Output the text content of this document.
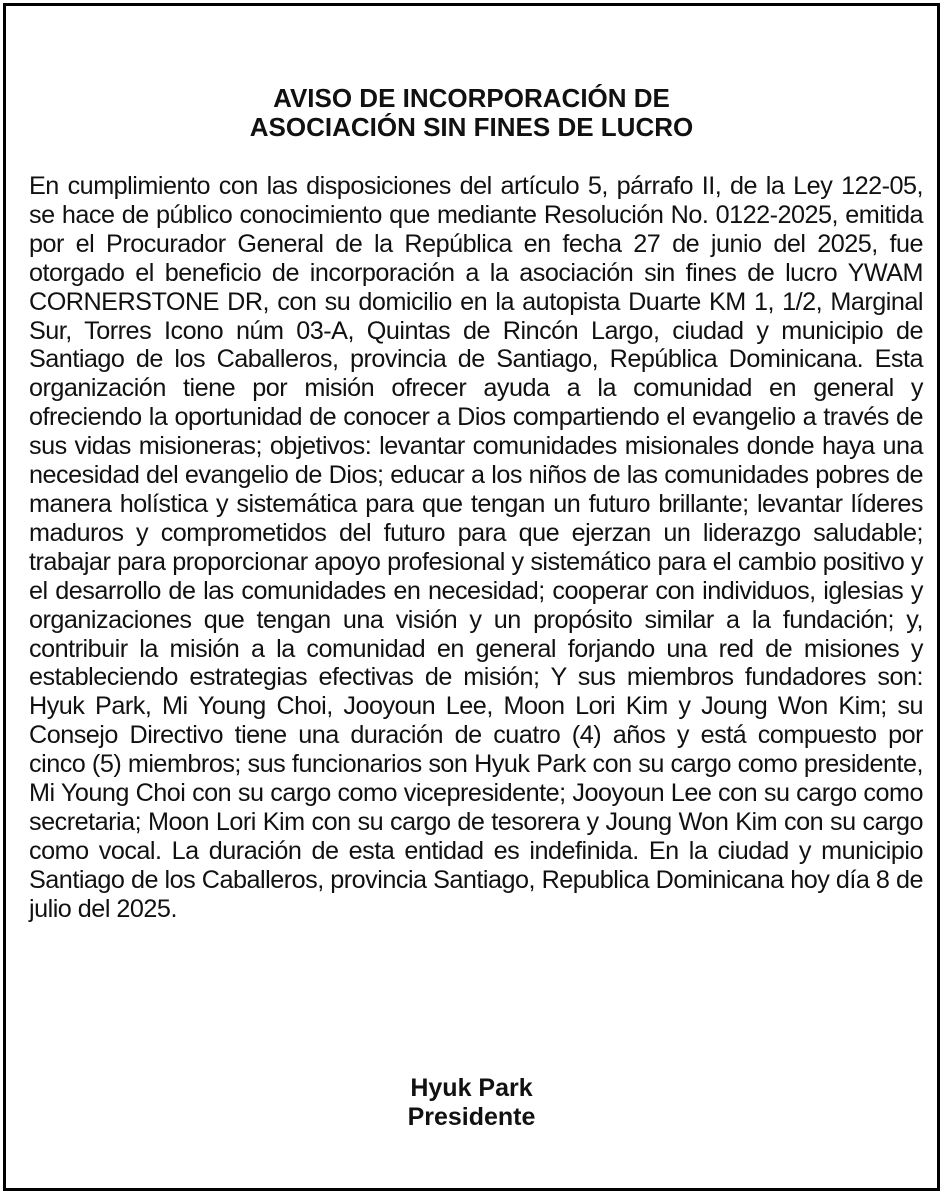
AVISO DE INCORPORACIÓN DE
ASOCIACIÓN SIN FINES DE LUCRO

En cumplimiento con las disposiciones del artículo 5, párrafo II, de la Ley 122-05, se hace de público conocimiento que mediante Resolución No. 0122-2025, emitida por el Procurador General de la República en fecha 27 de junio del 2025, fue otorgado el beneficio de incorporación a la asociación sin fines de lucro YWAM CORNERSTONE DR, con su domicilio en la autopista Duarte KM 1, 1/2, Marginal Sur, Torres Icono núm 03-A, Quintas de Rincón Largo, ciudad y municipio de Santiago de los Caballeros, provincia de Santiago, República Dominicana. Esta organización tiene por misión ofrecer ayuda a la comunidad en general y ofreciendo la oportunidad de conocer a Dios compartiendo el evangelio a través de sus vidas misioneras; objetivos: levantar comunidades misionales donde haya una necesidad del evangelio de Dios; educar a los niños de las comunidades pobres de manera holística y sistemática para que tengan un futuro brillante; levantar líderes maduros y comprometidos del futuro para que ejerzan un liderazgo saludable; trabajar para proporcionar apoyo profesional y sistemático para el cambio positivo y el desarrollo de las comunidades en necesidad; cooperar con individuos, iglesias y organizaciones que tengan una visión y un propósito similar a la fundación; y, contribuir la misión a la comunidad en general forjando una red de misiones y estableciendo estrategias efectivas de misión; Y sus miembros fundadores son: Hyuk Park, Mi Young Choi, Jooyoun Lee, Moon Lori Kim y Joung Won Kim; su Consejo Directivo tiene una duración de cuatro (4) años y está compuesto por cinco (5) miembros; sus funcionarios son Hyuk Park con su cargo como presidente, Mi Young Choi con su cargo como vicepresidente; Jooyoun Lee con su cargo como secretaria; Moon Lori Kim con su cargo de tesorera y Joung Won Kim con su cargo como vocal. La duración de esta entidad es indefinida. En la ciudad y municipio Santiago de los Caballeros, provincia Santiago, Republica Dominicana hoy día 8 de julio del 2025.

Hyuk Park
Presidente
